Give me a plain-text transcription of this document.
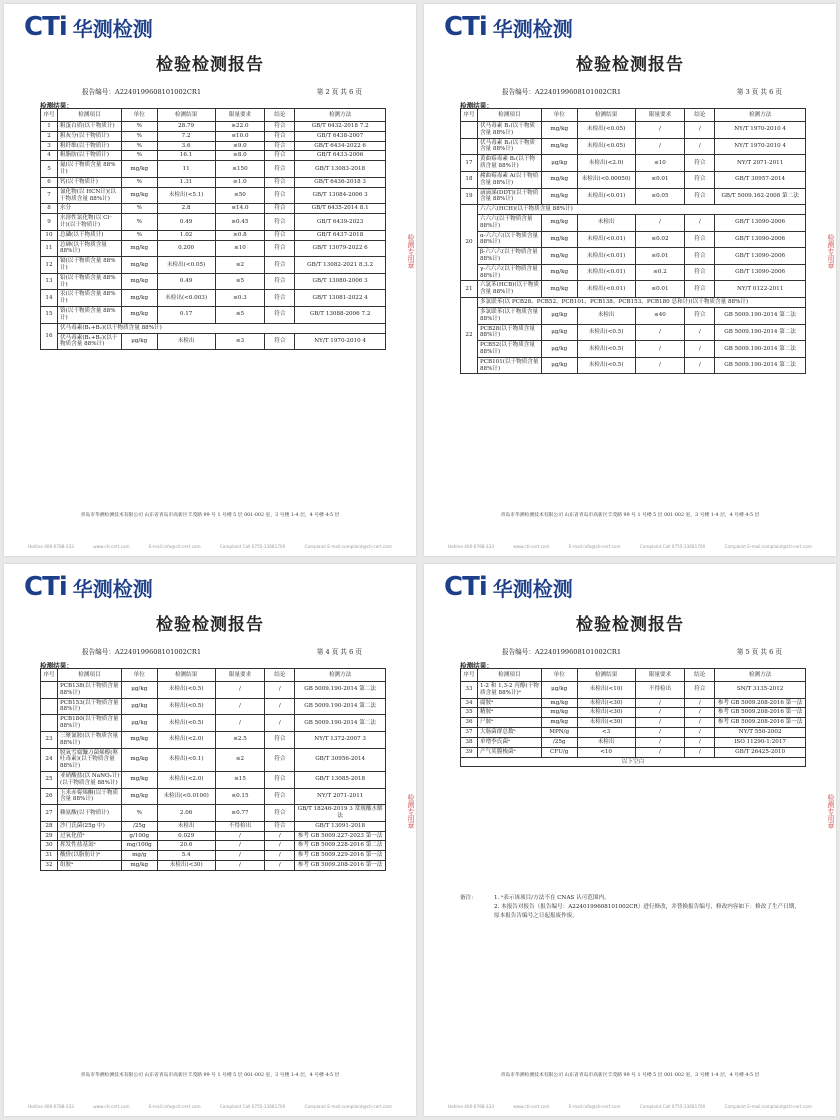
CTi 华测检测
检验检测报告
报告编号：A2240199608101002CR1	第 2 页 共 6 页
检测结果：
序号	检测项目	单位	检测结果	限量要求	结论	检测方法
1	粗蛋白质(以干物质计)	%	28.79	≥22.0	符合	GB/T 6432-2018 7.2
2	粗灰分(以干物质计)	%	7.2	≤10.0	符合	GB/T 6438-2007
3	粗纤维(以干物质计)	%	3.6	≤9.0	符合	GB/T 6434-2022 6
4	粗脂肪(以干物质计)	%	16.1	≥8.0	符合	GB/T 6433-2006
5	氟(以干物质含量 88%计)	mg/kg	11	≤150	符合	GB/T 13083-2018
6	钙(以干物质计)	%	1.31	≥1.0	符合	GB/T 6436-2018 3
7	氰化物(以 HCN计)(以干物质含量 88%计)	mg/kg	未检出(<5.1)	≤50	符合	GB/T 13084-2006 3
8	水分	%	2.8	≤14.0	符合	GB/T 6435-2014 8.1
9	水溶性氯化物(以 Cl⁻计)(以干物质计)	%	0.49	≥0.45	符合	GB/T 6439-2023
10	总磷(以干物质计)	%	1.02	≥0.8	符合	GB/T 6437-2018
11	总砷(以干物质含量 88%计)	mg/kg	0.200	≤10	符合	GB/T 13079-2022 6
12	镉(以干物质含量 88%计)	mg/kg	未检出(<0.05)	≤2	符合	GB/T 13082-2021 8.3.2
13	铅(以干物质含量 88%计)	mg/kg	0.49	≤5	符合	GB/T 13080-2006 3
14	汞(以干物质含量 88%计)	mg/kg	未检出(<0.003)	≤0.3	符合	GB/T 13081-2022 4
15	铬(以干物质含量 88%计)	mg/kg	0.17	≤5	符合	GB/T 13088-2006 7.2
16	伏马毒素(B₁+B₂)(以干物质含量 88%计)					
	伏马毒素(B₁+B₂)(以干物质含量 88%计)	μg/kg	未检出	≤3	符合	NY/T 1970-2010 4
青岛市华测检测技术有限公司 山东省青岛市高新区丰茂路 99 号 1 号楼 5 层 001-002 室，3 号楼 1-4 层，4 号楼 4-5 层
Hotline 400-6788-333	www.cti-cert.com	E-mail:info@cti-cert.com	Complaint Call 0755-33681700	Complaint E-mail:complaint@cti-cert.com
检测专用章
CTi 华测检测
检验检测报告
报告编号：A2240199608101002CR1	第 3 页 共 6 页
检测结果：
序号	检测项目	单位	检测结果	限量要求	结论	检测方法
	伏马毒素 B₁(以干物质含量 88%计)	mg/kg	未检出(<0.05)	/	/	NY/T 1970-2010 4
	伏马毒素 B₂(以干物质含量 88%计)	mg/kg	未检出(<0.05)	/	/	NY/T 1970-2010 4
17	黄曲霉毒素 B₁(以干物质含量 88%计)	μg/kg	未检出(<2.0)	≤10	符合	NY/T 2071-2011
18	赭曲霉毒素 A(以干物质含量 88%计)	mg/kg	未检出(<0.00050)	≤0.01	符合	GB/T 30957-2014
19	滴滴涕(DDT)(以干物质含量 88%计)	mg/kg	未检出(<0.01)	≤0.05	符合	GB/T 5009.162-2008 第二法
20	六六六(HCH)(以干物质含量 88%计)					
	六六六(以干物质含量 88%计)	mg/kg	未检出	/	/	GB/T 13090-2006
	α-六六六(以干物质含量 88%计)	mg/kg	未检出(<0.01)	≤0.02	符合	GB/T 13090-2006
	β-六六六(以干物质含量 88%计)	mg/kg	未检出(<0.01)	≤0.01	符合	GB/T 13090-2006
	γ-六六六(以干物质含量 88%计)	mg/kg	未检出(<0.01)	≤0.2	符合	GB/T 13090-2006
21	六氯苯(HCB)(以干物质含量 88%计)	mg/kg	未检出(<0.01)	≤0.01	符合	NY/T 0122-2011
22	多氯联苯(以 PCB28、PCB52、PCB101、PCB138、PCB153、PCB180 总和计)(以干物质含量 88%计)					
	多氯联苯(以干物质含量 88%计)	μg/kg	未检出	≤40	符合	GB 5009.190-2014 第二法
	PCB28(以干物质含量 88%计)	μg/kg	未检出(<0.5)	/	/	GB 5009.190-2014 第二法
	PCB52(以干物质含量 88%计)	μg/kg	未检出(<0.5)	/	/	GB 5009.190-2014 第二法
	PCB101(以干物质含量 88%计)	μg/kg	未检出(<0.5)	/	/	GB 5009.190-2014 第二法
青岛市华测检测技术有限公司 山东省青岛市高新区丰茂路 99 号 1 号楼 5 层 001-002 室，3 号楼 1-4 层，4 号楼 4-5 层
Hotline 400-6788-333	www.cti-cert.com	E-mail:info@cti-cert.com	Complaint Call 0755-33681700	Complaint E-mail:complaint@cti-cert.com
检测专用章
CTi 华测检测
检验检测报告
报告编号：A2240199608101002CR1	第 4 页 共 6 页
检测结果：
序号	检测项目	单位	检测结果	限量要求	结论	检测方法
	PCB138(以干物质含量 88%计)	μg/kg	未检出(<0.5)	/	/	GB 5009.190-2014 第二法
	PCB153(以干物质含量 88%计)	μg/kg	未检出(<0.5)	/	/	GB 5009.190-2014 第二法
	PCB180(以干物质含量 88%计)	μg/kg	未检出(<0.5)	/	/	GB 5009.190-2014 第二法
23	三聚氰胺(以干物质含量 88%计)	mg/kg	未检出(<2.0)	≤2.5	符合	NY/T 1372-2007 3
24	脱氧雪腐镰刀菌烯醇(呕吐毒素)(以干物质含量 88%计)	mg/kg	未检出(<0.1)	≤2	符合	GB/T 30956-2014
25	亚硝酸盐(以 NaNO₂计)(以干物质含量 88%计)	mg/kg	未检出(<2.0)	≤15	符合	GB/T 13085-2018
26	玉米赤霉烯酮(以干物质含量 88%计)	mg/kg	未检出(<0.0100)	≤0.15	符合	NY/T 2071-2011
27	赖氨酸(以干物质计)	%	2.06	≥0.77	符合	GB/T 18246-2019 3 常规酸水解法
28	沙门氏菌(25g 中)	/25g	未检出	不得检出	符合	GB/T 13091-2018
29	过氧化值ᵃ	g/100g	0.029	/	/	参考 GB 5009.227-2023 第一法
30	挥发性盐基氮ᵃ	mg/100g	20.6	/	/	参考 GB 5009.228-2016 第二法
31	酸价(以脂肪计)ᵃ	mg/g	5.4	/	/	参考 GB 5009.229-2016 第一法
32	组胺ᵃ	mg/kg	未检出(<30)	/	/	参考 GB 5009.208-2016 第一法
青岛市华测检测技术有限公司 山东省青岛市高新区丰茂路 99 号 1 号楼 5 层 001-002 室，3 号楼 1-4 层，4 号楼 4-5 层
Hotline 400-6788-333	www.cti-cert.com	E-mail:info@cti-cert.com	Complaint Call 0755-33681700	Complaint E-mail:complaint@cti-cert.com
检测专用章
CTi 华测检测
检验检测报告
报告编号：A2240199608101002CR1	第 5 页 共 6 页
检测结果：
序号	检测项目	单位	检测结果	限量要求	结论	检测方法
33	1-2 和 1,3-2 丙醇(干物质含量 88%计)ᵃ	μg/kg	未检出(<10)	不得检出	符合	SN/T 3135-2012
34	腐胺ᵃ	mg/kg	未检出(<30)	/	/	参考 GB 5009.208-2016 第一法
35	精胺ᵃ	mg/kg	未检出(<30)	/	/	参考 GB 5009.208-2016 第一法
36	尸胺ᵃ	mg/kg	未检出(<30)	/	/	参考 GB 5009.208-2016 第一法
37	大肠菌群总数ᵃ	MPN/g	<3	/	/	NY/T 550-2002
38	单增李氏菌ᵃ	/25g	未检出	/	/	ISO 11290-1:2017
39	产气荚膜梭菌ᵃ	CFU/g	<10	/	/	GB/T 26425-2010
以下空白						
备注：	1. ᵃ表示该项目/方法不在 CNAS 认可范围内。
2. 本报告对报告（报告编号：A2240199608101002CR）进行修改，并替换报告编号，修改内容如下：修改了生产日期，原本报告告编号之日起报废作废。
青岛市华测检测技术有限公司 山东省青岛市高新区丰茂路 99 号 1 号楼 5 层 001-002 室，3 号楼 1-4 层，4 号楼 4-5 层
Hotline 400-6788-333	www.cti-cert.com	E-mail:info@cti-cert.com	Complaint Call 0755-33681700	Complaint E-mail:complaint@cti-cert.com
检测专用章
